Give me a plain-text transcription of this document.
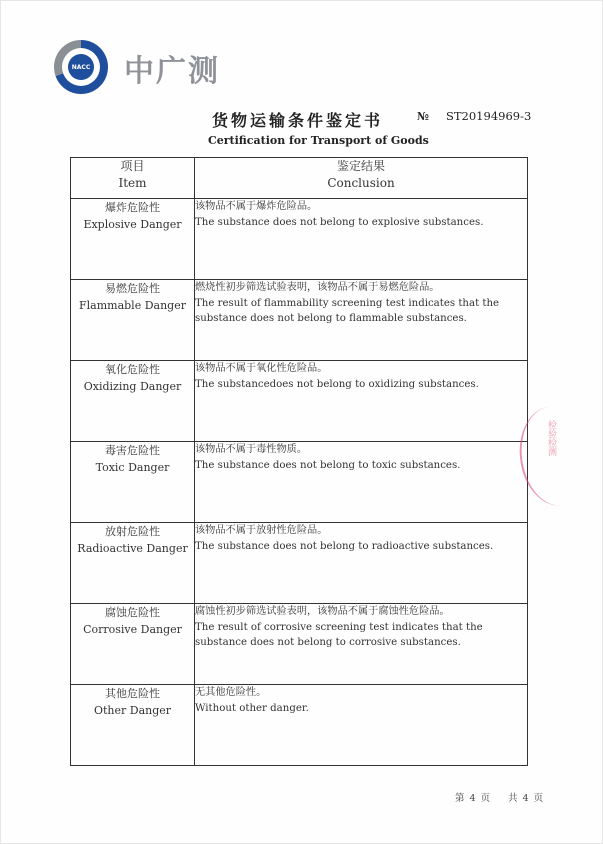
NACC 中广测
货物运输条件鉴定书	№ ST20194969-3
Certification for Transport of Goods
项目
Item	鉴定结果
Conclusion
爆炸危险性
Explosive Danger	该物品不属于爆炸危险品。
The substance does not belong to explosive substances.

易燃危险性
Flammable Danger	燃烧性初步筛选试验表明，该物品不属于易燃危险品。
The result of flammability screening test indicates that the substance does not belong to flammable substances.

氧化危险性
Oxidizing Danger	该物品不属于氧化性危险品。
The substancedoes not belong to oxidizing substances.

毒害危险性
Toxic Danger	该物品不属于毒性物质。
The substance does not belong to toxic substances.

放射危险性
Radioactive Danger	该物品不属于放射性危险品。
The substance does not belong to radioactive substances.

腐蚀危险性
Corrosive Danger	腐蚀性初步筛选试验表明，该物品不属于腐蚀性危险品。
The result of corrosive screening test indicates that the substance does not belong to corrosive substances.

其他危险性
Other Danger	无其他危险性。
Without other danger.
检验检测
第 4 页 共 4 页
